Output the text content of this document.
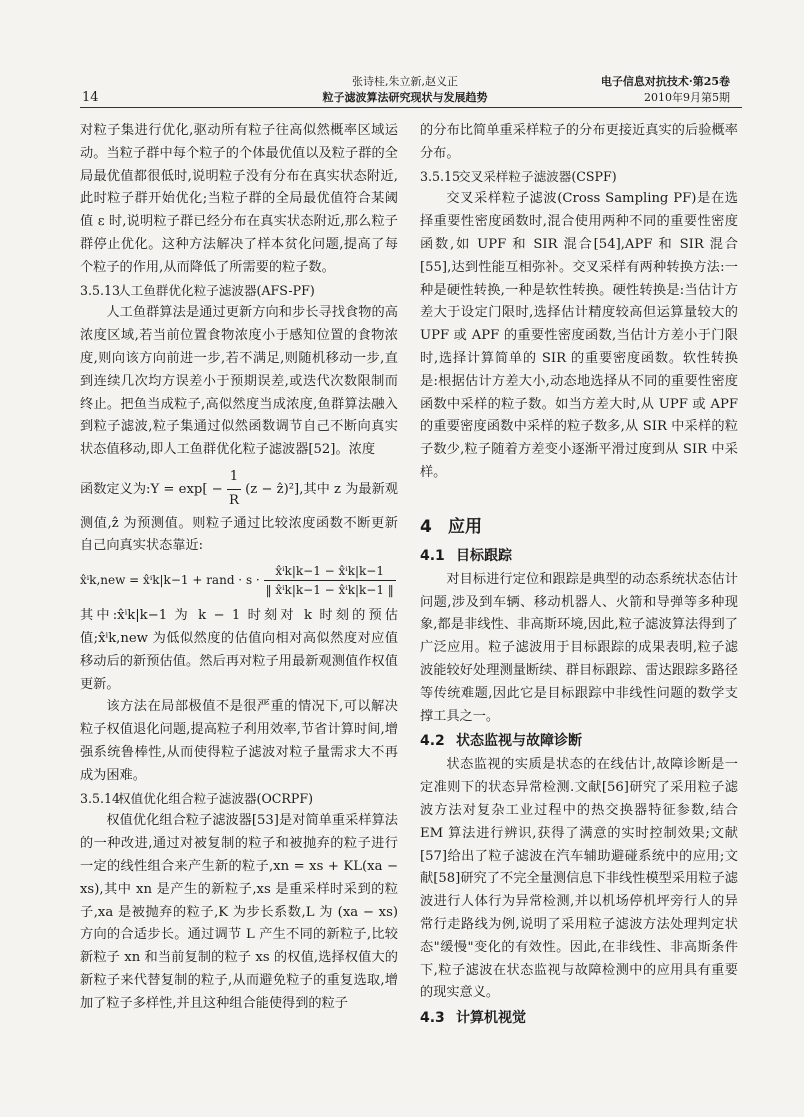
14
张诗桂,朱立新,赵义正
粒子滤波算法研究现状与发展趋势
电子信息对抗技术·第25卷
2010年9月第5期

对粒子集进行优化,驱动所有粒子往高似然概率区域运动。当粒子群中每个粒子的个体最优值以及粒子群的全局最优值都很低时,说明粒子没有分布在真实状态附近,此时粒子群开始优化;当粒子群的全局最优值符合某阈值 ε 时,说明粒子群已经分布在真实状态附近,那么粒子群停止优化。这种方法解决了样本贫化问题,提高了每个粒子的作用,从而降低了所需要的粒子数。

3.5.13人工鱼群优化粒子滤波器(AFS-PF)

人工鱼群算法是通过更新方向和步长寻找食物的高浓度区域,若当前位置食物浓度小于感知位置的食物浓度,则向该方向前进一步,若不满足,则随机移动一步,直到连续几次均方误差小于预期误差,或迭代次数限制而终止。把鱼当成粒子,高似然度当成浓度,鱼群算法融入到粒子滤波,粒子集通过似然函数调节自己不断向真实状态值移动,即人工鱼群优化粒子滤波器[52]。浓度

函数定义为:Y = $\exp[ - \frac{1}{R} (z$ − ẑ)²],其中 z 为最新观测值,ẑ 为预测值。则粒子通过比较浓度函数不断更新自己向真实状态靠近:

x̂ⁱk,new = x̂ⁱk|k−1 + rand · $s \cdot \frac{\text{x̂ⁱk|k−1 − x̂ⁱk|k−1}}{\text{‖ x̂ⁱk|k−1 − x̂ⁱk|k−1 ‖}}$

其中:x̂ⁱk|k−1 为 k − 1 时刻对 k 时刻的预估值;x̂ⁱk,new 为低似然度的估值向相对高似然度对应值移动后的新预估值。然后再对粒子用最新观测值作权值更新。

该方法在局部极值不是很严重的情况下,可以解决粒子权值退化问题,提高粒子利用效率,节省计算时间,增强系统鲁棒性,从而使得粒子滤波对粒子量需求大不再成为困难。

3.5.14权值优化组合粒子滤波器(OCRPF)

权值优化组合粒子滤波器[53]是对简单重采样算法的一种改进,通过对被复制的粒子和被抛弃的粒子进行一定的线性组合来产生新的粒子,xn = xs + KL(xa − xs),其中 xn 是产生的新粒子,xs 是重采样时采到的粒子,xa 是被抛弃的粒子,K 为步长系数,L 为 (xa − xs) 方向的合适步长。通过调节 L 产生不同的新粒子,比较新粒子 xn 和当前复制的粒子 xs 的权值,选择权值大的新粒子来代替复制的粒子,从而避免粒子的重复选取,增加了粒子多样性,并且这种组合能使得到的粒子

的分布比简单重采样粒子的分布更接近真实的后验概率分布。

3.5.15交叉采样粒子滤波器(CSPF)

交叉采样粒子滤波(Cross Sampling PF)是在选择重要性密度函数时,混合使用两种不同的重要性密度函数,如 UPF 和 SIR 混合[54],APF 和 SIR 混合[55],达到性能互相弥补。交叉采样有两种转换方法:一种是硬性转换,一种是软性转换。硬性转换是:当估计方差大于设定门限时,选择估计精度较高但运算量较大的 UPF 或 APF 的重要性密度函数,当估计方差小于门限时,选择计算简单的 SIR 的重要密度函数。软性转换是:根据估计方差大小,动态地选择从不同的重要性密度函数中采样的粒子数。如当方差大时,从 UPF 或 APF 的重要密度函数中采样的粒子数多,从 SIR 中采样的粒子数少,粒子随着方差变小逐渐平滑过度到从 SIR 中采样。

4 应用
4.1 目标跟踪

对目标进行定位和跟踪是典型的动态系统状态估计问题,涉及到车辆、移动机器人、火箭和导弹等多种现象,都是非线性、非高斯环境,因此,粒子滤波算法得到了广泛应用。粒子滤波用于目标跟踪的成果表明,粒子滤波能较好处理测量断续、群目标跟踪、雷达跟踪多路径等传统难题,因此它是目标跟踪中非线性问题的数学支撑工具之一。

4.2 状态监视与故障诊断

状态监视的实质是状态的在线估计,故障诊断是一定准则下的状态异常检测.文献[56]研究了采用粒子滤波方法对复杂工业过程中的热交换器特征参数,结合 EM 算法进行辨识,获得了满意的实时控制效果;文献[57]给出了粒子滤波在汽车辅助避碰系统中的应用;文献[58]研究了不完全量测信息下非线性模型采用粒子滤波进行人体行为异常检测,并以机场停机坪旁行人的异常行走路线为例,说明了采用粒子滤波方法处理判定状态"缓慢"变化的有效性。因此,在非线性、非高斯条件下,粒子滤波在状态监视与故障检测中的应用具有重要的现实意义。

4.3 计算机视觉
